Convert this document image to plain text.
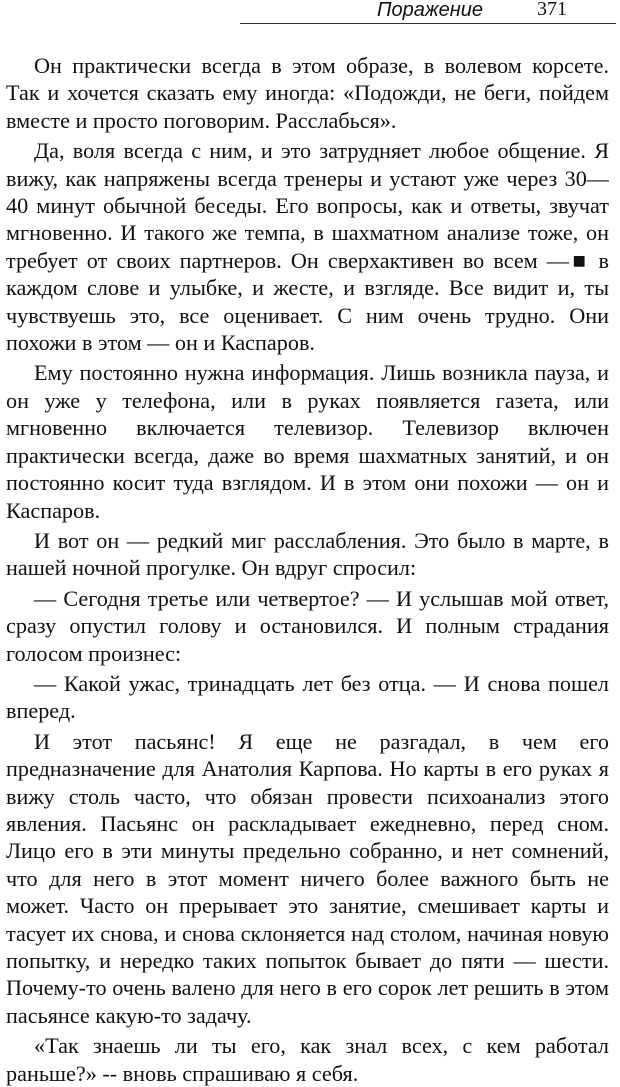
Поражение	371

Он практически всегда в этом образе, в волевом корсете. Так и хочется сказать ему иногда: «Подожди, не беги, пойдем вместе и просто поговорим. Расслабься».

Да, воля всегда с ним, и это затрудняет любое общение. Я вижу, как напряжены всегда тренеры и устают уже через 30—40 минут обычной беседы. Его вопросы, как и ответы, звучат мгновенно. И такого же темпа, в шахматном анализе тоже, он требует от своих партнеров. Он сверхактивен во всем —■ в каждом слове и улыбке, и жесте, и взгляде. Все видит и, ты чувствуешь это, все оценивает. С ним очень трудно. Они похожи в этом — он и Каспаров.

Ему постоянно нужна информация. Лишь возникла пауза, и он уже у телефона, или в руках появляется газета, или мгновенно включается телевизор. Телевизор включен практически всегда, даже во время шахматных занятий, и он постоянно косит туда взглядом. И в этом они похожи — он и Каспаров.

И вот он — редкий миг расслабления. Это было в марте, в нашей ночной прогулке. Он вдруг спросил:

— Сегодня третье или четвертое? — И услышав мой ответ, сразу опустил голову и остановился. И полным страдания голосом произнес:

— Какой ужас, тринадцать лет без отца. — И снова пошел вперед.

И этот пасьянс! Я еще не разгадал, в чем его предназначение для Анатолия Карпова. Но карты в его руках я вижу столь часто, что обязан провести психоанализ этого явления. Пасьянс он раскладывает ежедневно, перед сном. Лицо его в эти минуты предельно собранно, и нет сомнений, что для него в этот момент ничего более важного быть не может. Часто он прерывает это занятие, смешивает карты и тасует их снова, и снова склоняется над столом, начиная новую попытку, и нередко таких попыток бывает до пяти — шести. Почему-то очень валено для него в его сорок лет решить в этом пасьянсе какую-то задачу.

«Так знаешь ли ты его, как знал всех, с кем работал раньше?» -- вновь спрашиваю я себя.
